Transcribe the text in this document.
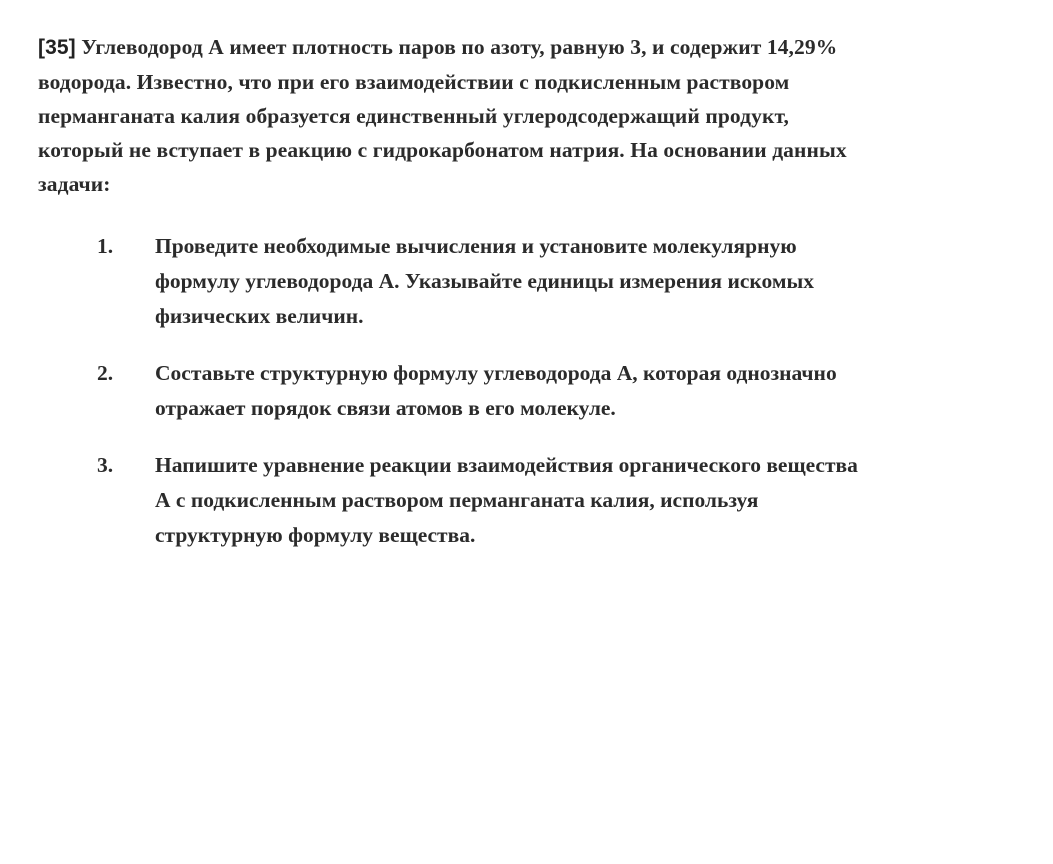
[35] Углеводород А имеет плотность паров по азоту, равную 3, и содержит 14,29%
водорода. Известно, что при его взаимодействии с подкисленным раствором
перманганата калия образуется единственный углеродсодержащий продукт,
который не вступает в реакцию с гидрокарбонатом натрия. На основании данных
задачи:

1.	Проведите необходимые вычисления и установите молекулярную
формулу углеводорода А. Указывайте единицы измерения искомых
физических величин.
2.	Составьте структурную формулу углеводорода А, которая однозначно
отражает порядок связи атомов в его молекуле.
3.	Напишите уравнение реакции взаимодействия органического вещества
А с подкисленным раствором перманганата калия, используя
структурную формулу вещества.
